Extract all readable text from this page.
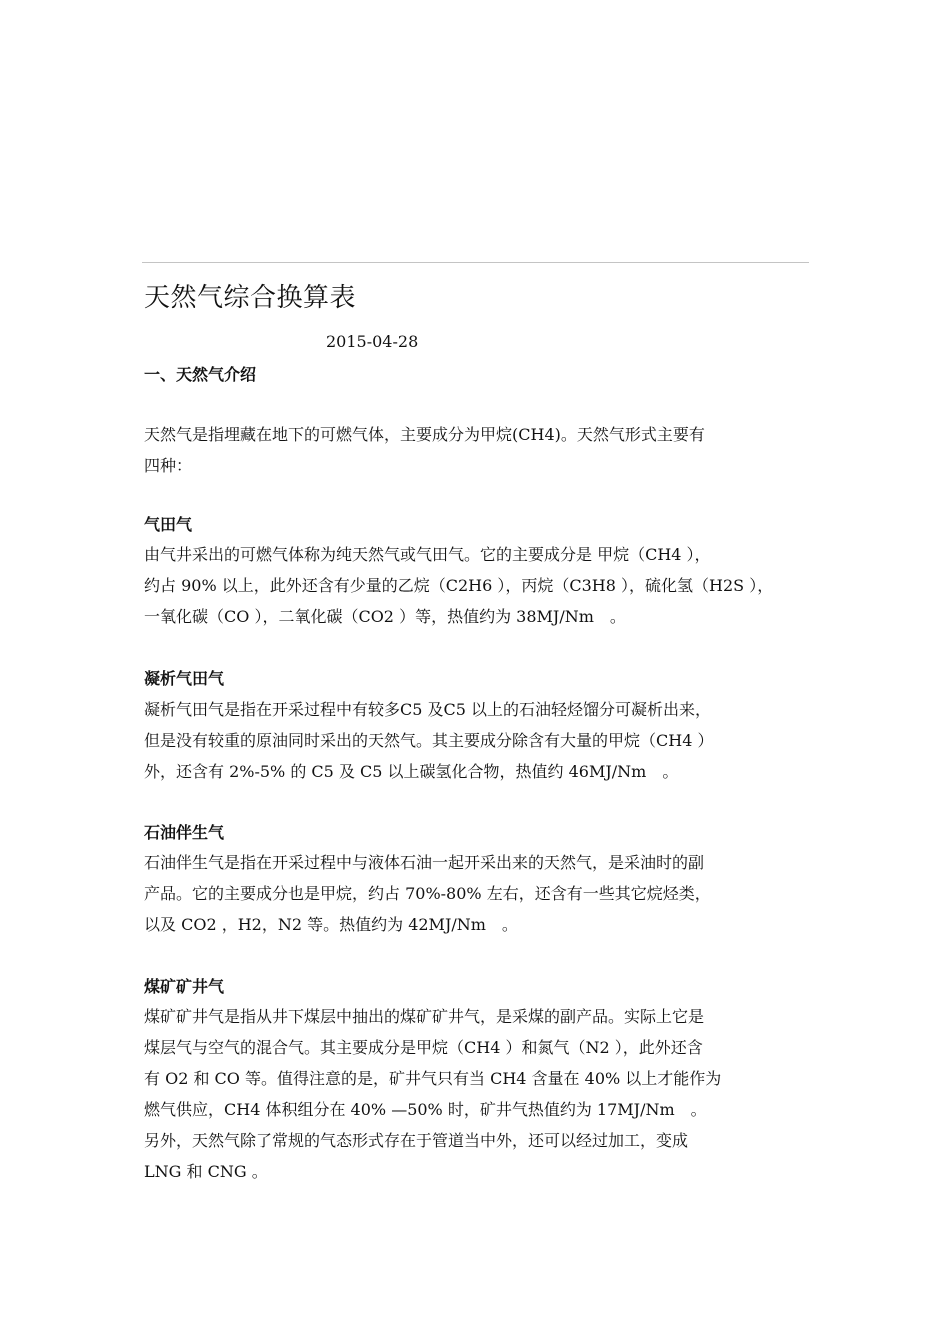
天然气综合换算表
2015-04-28
一、天然气介绍

天然气是指埋藏在地下的可燃气体，主要成分为甲烷(CH4)。天然气形式主要有
四种：

气田气

由气井采出的可燃气体称为纯天然气或气田气。它的主要成分是 甲烷（CH4 ），
约占 90% 以上，此外还含有少量的乙烷（C2H6 ），丙烷（C3H8 ），硫化氢（H2S ），
一氧化碳（CO ），二氧化碳（CO2 ）等，热值约为 38MJ/Nm　。

凝析气田气

凝析气田气是指在开采过程中有较多C5 及C5 以上的石油轻烃馏分可凝析出来，
但是没有较重的原油同时采出的天然气。其主要成分除含有大量的甲烷（CH4 ）
外，还含有 2%-5% 的 C5 及 C5 以上碳氢化合物，热值约 46MJ/Nm　。

石油伴生气

石油伴生气是指在开采过程中与液体石油一起开采出来的天然气，是采油时的副
产品。它的主要成分也是甲烷，约占 70%-80% 左右，还含有一些其它烷烃类，
以及 CO2 ，H2，N2 等。热值约为 42MJ/Nm　。

煤矿矿井气

煤矿矿井气是指从井下煤层中抽出的煤矿矿井气，是采煤的副产品。实际上它是
煤层气与空气的混合气。其主要成分是甲烷（CH4 ）和氮气（N2 ），此外还含
有 O2 和 CO 等。值得注意的是，矿井气只有当 CH4 含量在 40% 以上才能作为
燃气供应，CH4 体积组分在 40% —50% 时，矿井气热值约为 17MJ/Nm　。
另外，天然气除了常规的气态形式存在于管道当中外，还可以经过加工，变成
LNG 和 CNG 。
